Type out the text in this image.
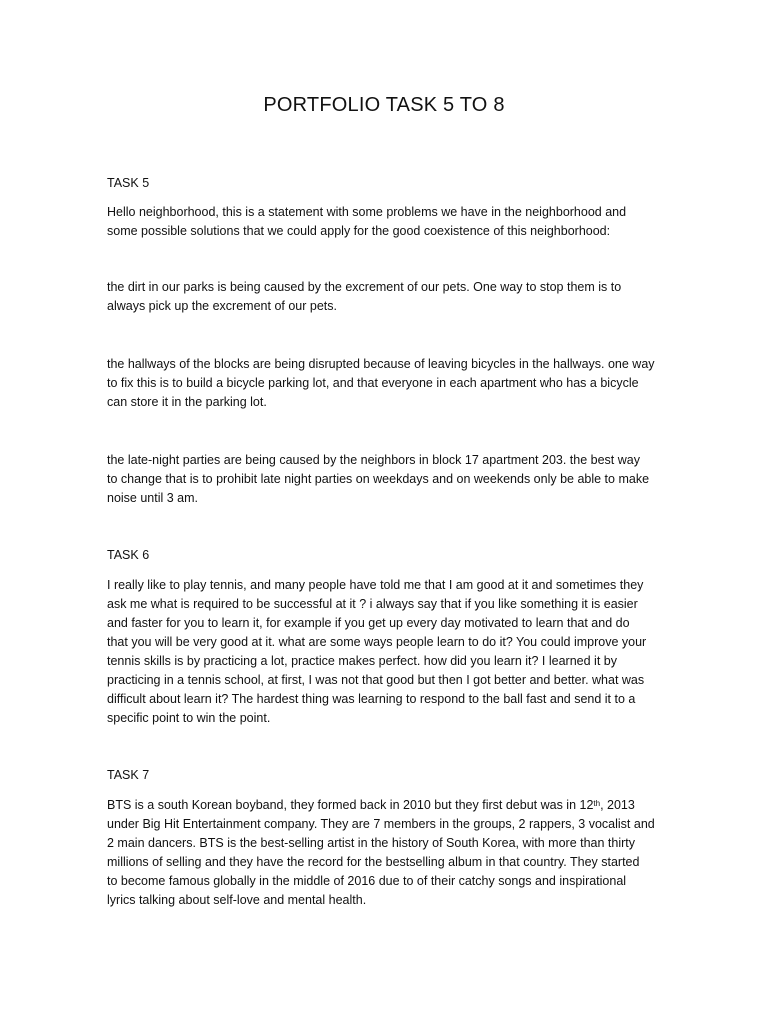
PORTFOLIO TASK 5 TO 8
TASK 5

Hello neighborhood, this is a statement with some problems we have in the neighborhood and
some possible solutions that we could apply for the good coexistence of this neighborhood:

the dirt in our parks is being caused by the excrement of our pets. One way to stop them is to
always pick up the excrement of our pets.

the hallways of the blocks are being disrupted because of leaving bicycles in the hallways. one way
to fix this is to build a bicycle parking lot, and that everyone in each apartment who has a bicycle
can store it in the parking lot.

the late-night parties are being caused by the neighbors in block 17 apartment 203. the best way
to change that is to prohibit late night parties on weekdays and on weekends only be able to make
noise until 3 am.

TASK 6

I really like to play tennis, and many people have told me that I am good at it and sometimes they
ask me what is required to be successful at it ? i always say that if you like something it is easier
and faster for you to learn it, for example if you get up every day motivated to learn that and do
that you will be very good at it. what are some ways people learn to do it? You could improve your
tennis skills is by practicing a lot, practice makes perfect. how did you learn it? I learned it by
practicing in a tennis school, at first, I was not that good but then I got better and better. what was
difficult about learn it? The hardest thing was learning to respond to the ball fast and send it to a
specific point to win the point.

TASK 7

BTS is a south Korean boyband, they formed back in 2010 but they first debut was in 12th, 2013
under Big Hit Entertainment company. They are 7 members in the groups, 2 rappers, 3 vocalist and
2 main dancers. BTS is the best-selling artist in the history of South Korea, with more than thirty
millions of selling and they have the record for the bestselling album in that country. They started
to become famous globally in the middle of 2016 due to of their catchy songs and inspirational
lyrics talking about self-love and mental health.
